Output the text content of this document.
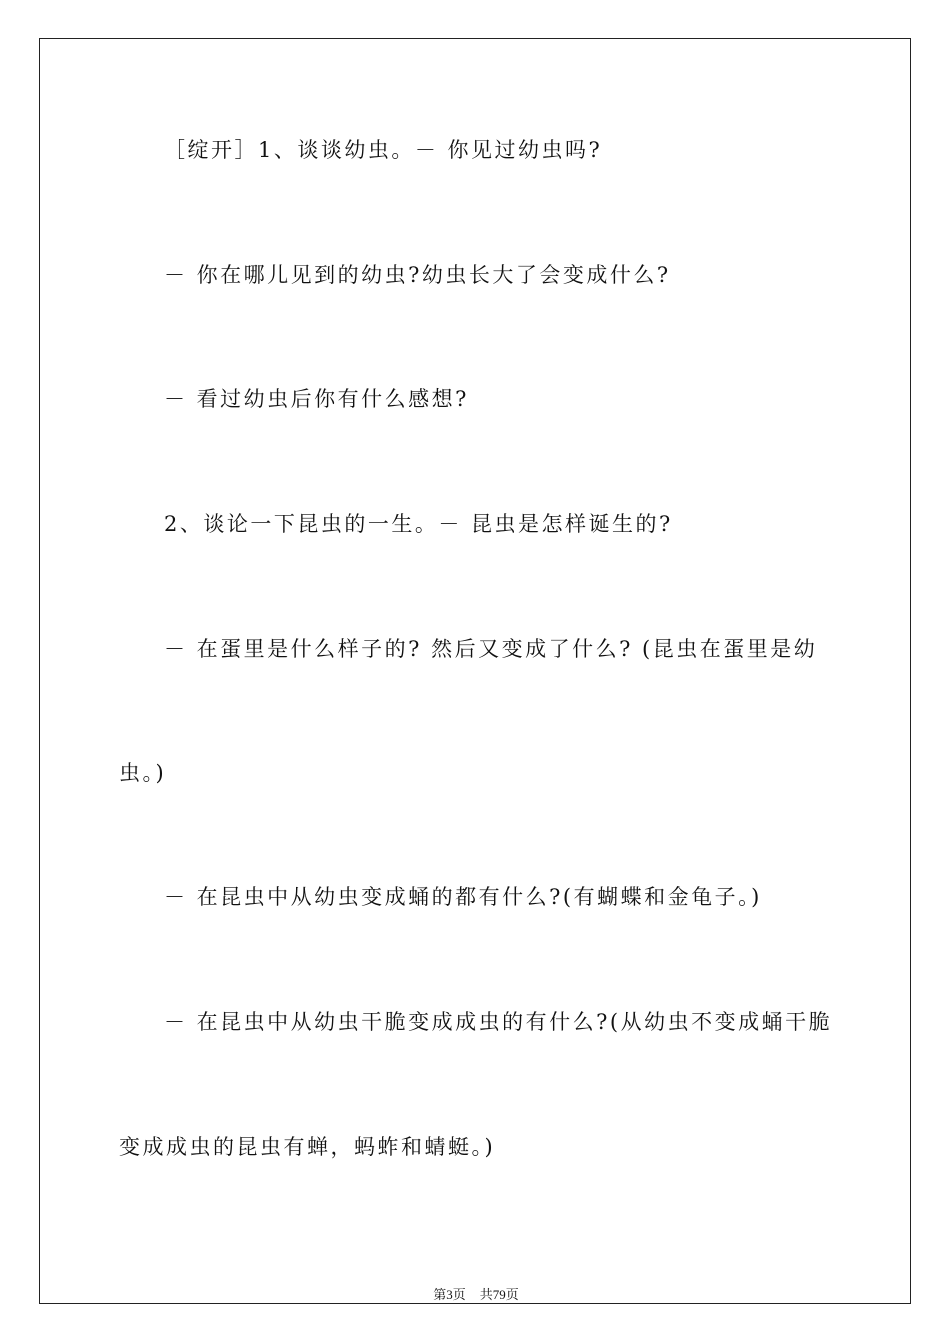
［绽开］1、谈谈幼虫。－ 你见过幼虫吗?
－ 你在哪儿见到的幼虫?幼虫长大了会变成什么?
－ 看过幼虫后你有什么感想?
2、谈论一下昆虫的一生。－ 昆虫是怎样诞生的?
－ 在蛋里是什么样子的? 然后又变成了什么? (昆虫在蛋里是幼
虫。)
－ 在昆虫中从幼虫变成蛹的都有什么?(有蝴蝶和金龟子。)
－ 在昆虫中从幼虫干脆变成成虫的有什么?(从幼虫不变成蛹干脆
变成成虫的昆虫有蝉，蚂蚱和蜻蜓。)
第3页 共79页
